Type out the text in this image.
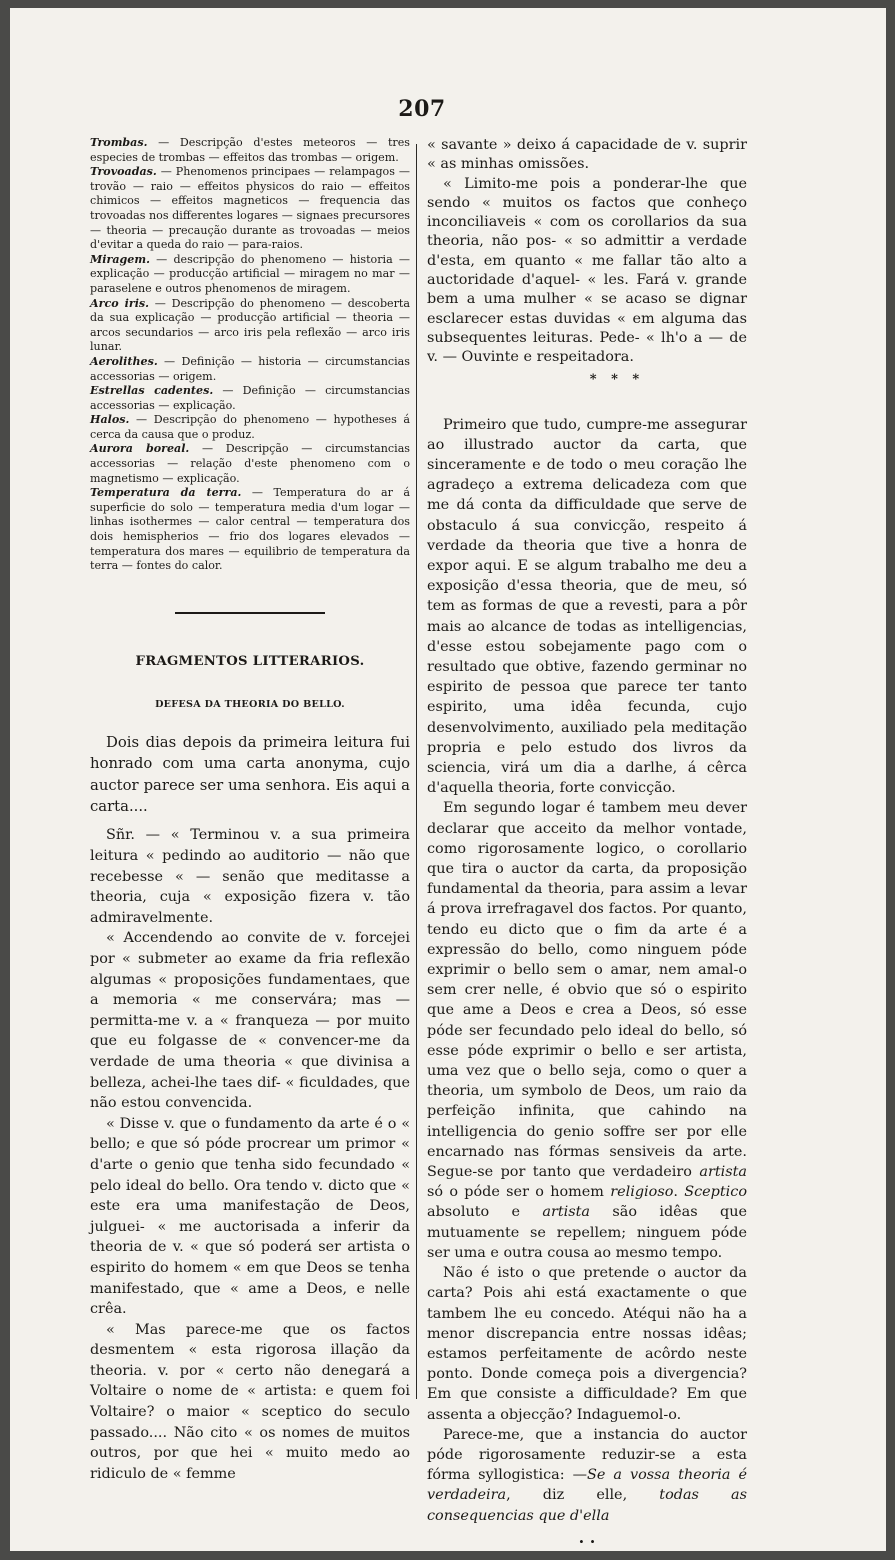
207

Trombas. — Descripção d'estes meteoros — tres especies de trombas — effeitos das trombas — origem.

Trovoadas. — Phenomenos principaes — relampagos — trovão — raio — effeitos physicos do raio — effeitos chimicos — effeitos magneticos — frequencia das trovoadas nos differentes logares — signaes precursores — theoria — precaução durante as trovoadas — meios d'evitar a queda do raio — para-raios.

Miragem. — descripção do phenomeno — historia — explicação — producção artificial — miragem no mar — paraselene e outros phenomenos de miragem.

Arco iris. — Descripção do phenomeno — descoberta da sua explicação — producção artificial — theoria — arcos secundarios — arco iris pela reflexão — arco iris lunar.

Aerolithes. — Definição — historia — circumstancias accessorias — origem.

Estrellas cadentes. — Definição — circumstancias accessorias — explicação.

Halos. — Descripção do phenomeno — hypotheses á cerca da causa que o produz.

Aurora boreal. — Descripção — circumstancias accessorias — relação d'este phenomeno com o magnetismo — explicação.

Temperatura da terra. — Temperatura do ar á superficie do solo — temperatura media d'um logar — linhas isothermes — calor central — temperatura dos dois hemispherios — frio dos logares elevados — temperatura dos mares — equilibrio de temperatura da terra — fontes do calor.

FRAGMENTOS LITTERARIOS.
DEFESA DA THEORIA DO BELLO.

Dois dias depois da primeira leitura fui honrado com uma carta anonyma, cujo auctor parece ser uma senhora. Eis aqui a carta....

Sñr. — « Terminou v. a sua primeira leitura « pedindo ao auditorio — não que recebesse « — senão que meditasse a theoria, cuja « exposição fizera v. tão admiravelmente.

« Accendendo ao convite de v. forcejei por « submeter ao exame da fria reflexão algumas « proposições fundamentaes, que a memoria « me conservára; mas — permitta-me v. a « franqueza — por muito que eu folgasse de « convencer-me da verdade de uma theoria « que divinisa a belleza, achei-lhe taes dif- « ficuldades, que não estou convencida.

« Disse v. que o fundamento da arte é o « bello; e que só póde procrear um primor « d'arte o genio que tenha sido fecundado « pelo ideal do bello. Ora tendo v. dicto que « este era uma manifestação de Deos, julguei- « me auctorisada a inferir da theoria de v. « que só poderá ser artista o espirito do homem « em que Deos se tenha manifestado, que « ame a Deos, e nelle crêa.

« Mas parece-me que os factos desmentem « esta rigorosa illação da theoria. v. por « certo não denegará a Voltaire o nome de « artista: e quem foi Voltaire? o maior « sceptico do seculo passado.... Não cito « os nomes de muitos outros, por que hei « muito medo ao ridiculo de « femme

« savante » deixo á capacidade de v. suprir « as minhas omissões.

« Limito-me pois a ponderar-lhe que sendo « muitos os factos que conheço inconciliaveis « com os corollarios da sua theoria, não pos- « so admittir a verdade d'esta, em quanto « me fallar tão alto a auctoridade d'aquel- « les. Fará v. grande bem a uma mulher « se acaso se dignar esclarecer estas duvidas « em alguma das subsequentes leituras. Pede- « lh'o a — de v. — Ouvinte e respeitadora.

* * *

Primeiro que tudo, cumpre-me assegurar ao illustrado auctor da carta, que sinceramente e de todo o meu coração lhe agradeço a extrema delicadeza com que me dá conta da difficuldade que serve de obstaculo á sua convicção, respeito á verdade da theoria que tive a honra de expor aqui. E se algum trabalho me deu a exposição d'essa theoria, que de meu, só tem as formas de que a revesti, para a pôr mais ao alcance de todas as intelligencias, d'esse estou sobejamente pago com o resultado que obtive, fazendo germinar no espirito de pessoa que parece ter tanto espirito, uma idêa fecunda, cujo desenvolvimento, auxiliado pela meditação propria e pelo estudo dos livros da sciencia, virá um dia a darlhe, á cêrca d'aquella theoria, forte convicção.

Em segundo logar é tambem meu dever declarar que acceito da melhor vontade, como rigorosamente logico, o corollario que tira o auctor da carta, da proposição fundamental da theoria, para assim a levar á prova irrefragavel dos factos. Por quanto, tendo eu dicto que o fim da arte é a expressão do bello, como ninguem póde exprimir o bello sem o amar, nem amal-o sem crer nelle, é obvio que só o espirito que ame a Deos e crea a Deos, só esse póde ser fecundado pelo ideal do bello, só esse póde exprimir o bello e ser artista, uma vez que o bello seja, como o quer a theoria, um symbolo de Deos, um raio da perfeição infinita, que cahindo na intelligencia do genio soffre ser por elle encarnado nas fórmas sensiveis da arte. Segue-se por tanto que verdadeiro artista só o póde ser o homem religioso. Sceptico absoluto e artista são idêas que mutuamente se repellem; ninguem póde ser uma e outra cousa ao mesmo tempo.

Não é isto o que pretende o auctor da carta? Pois ahi está exactamente o que tambem lhe eu concedo. Atéqui não ha a menor discrepancia entre nossas idêas; estamos perfeitamente de acôrdo neste ponto. Donde começa pois a divergencia? Em que consiste a difficuldade? Em que assenta a objecção? Indaguemol-o.

Parece-me, que a instancia do auctor póde rigorosamente reduzir-se a esta fórma syllogistica: —Se a vossa theoria é verdadeira, diz elle, todas as consequencias que d'ella

. .
